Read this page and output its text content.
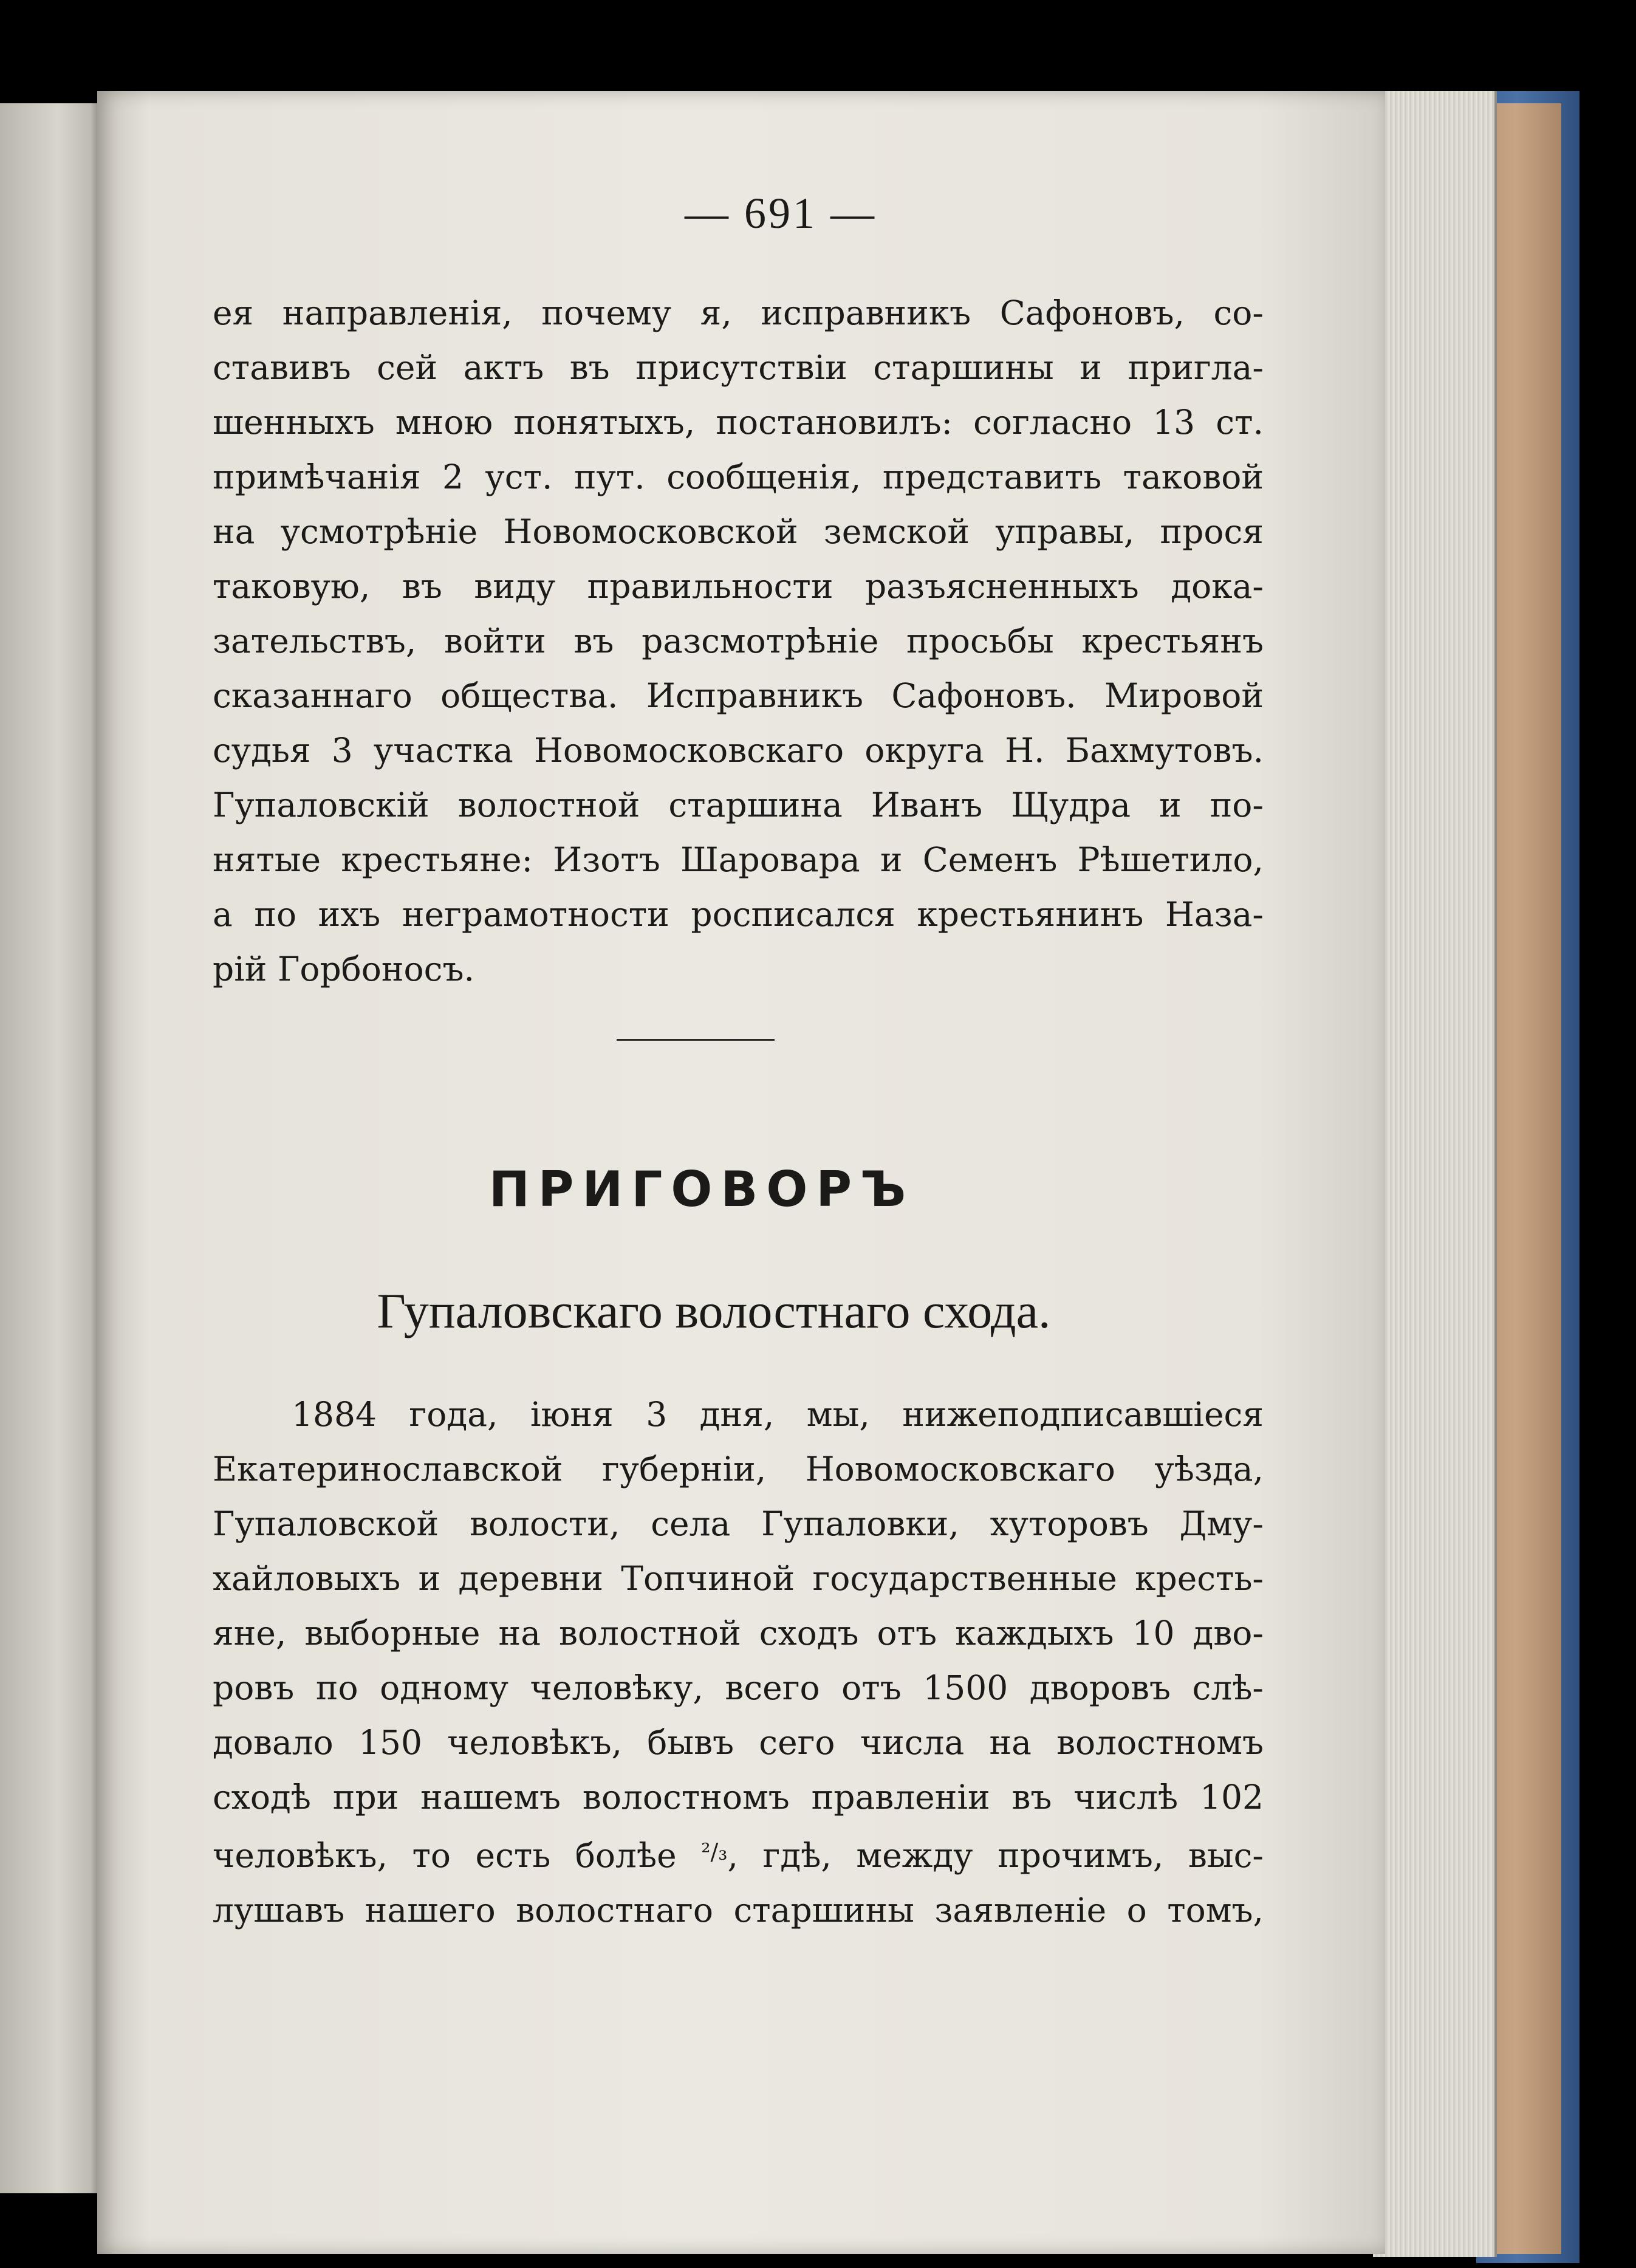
— 691 —
ея направленія, почему я, исправникъ Сафоновъ, со-
ставивъ сей актъ въ присутствіи старшины и пригла-
шенныхъ мною понятыхъ, постановилъ: согласно 13 ст.
примѣчанія 2 уст. пут. сообщенія, представить таковой
на усмотрѣніе Новомосковской земской управы, прося
таковую, въ виду правильности разъясненныхъ дока-
зательствъ, войти въ разсмотрѣніе просьбы крестьянъ
сказаннаго общества. Исправникъ Сафоновъ. Мировой
судья 3 участка Новомосковскаго округа Н. Бахмутовъ.
Гупаловскій волостной старшина Иванъ Щудра и по-
нятые крестьяне: Изотъ Шаровара и Семенъ Рѣшетило,
а по ихъ неграмотности росписался крестьянинъ Наза-
рій Горбоносъ.
ПРИГОВОРЪ
Гупаловскаго волостнаго схода.
1884 года, іюня 3 дня, мы, нижеподписавшіеся
Екатеринославской губерніи, Новомосковскаго уѣзда,
Гупаловской волости, села Гупаловки, хуторовъ Дму-
хайловыхъ и деревни Топчиной государственные кресть-
яне, выборные на волостной сходъ отъ каждыхъ 10 дво-
ровъ по одному человѣку, всего отъ 1500 дворовъ слѣ-
довало 150 человѣкъ, бывъ сего числа на волостномъ
сходѣ при нашемъ волостномъ правленіи въ числѣ 102
человѣкъ, то есть болѣе $^{^2/_3}$, гдѣ, между прочимъ, выс-
лушавъ нашего волостнаго старшины заявленіе о томъ,
